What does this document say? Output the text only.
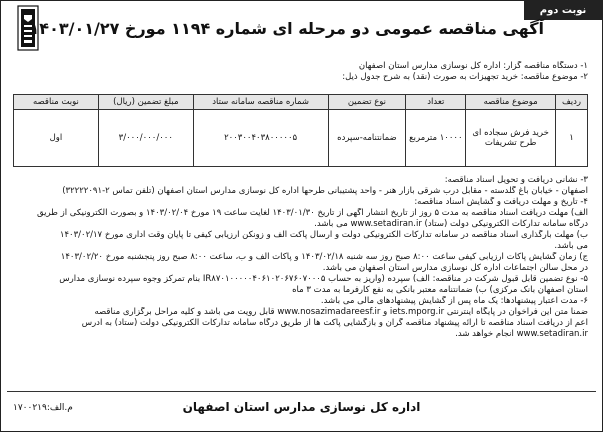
نوبت دوم
آگهی مناقصه عمومی دو مرحله ای شماره ۱۱۹۴ مورخ ۱۴۰۳/۰۱/۲۷
۱- دستگاه مناقصه گزار: اداره کل نوسازی مدارس استان اصفهان
۲- موضوع مناقصه: خرید تجهیزات به صورت (نقد) به شرح جدول ذیل:
ردیف	موضوع مناقصه	تعداد	نوع تضمین	شماره مناقصه سامانه ستاد	مبلغ تضمین (ریال)	نوبت مناقصه
۱	خرید فرش سجاده ای طرح تشریفات	۱۰۰۰۰ مترمربع	ضمانتنامه-سپرده	۲۰۰۳۰۰۴۰۳۸۰۰۰۰۰۵	۳/۰۰۰/۰۰۰/۰۰۰	اول
۳- نشانی دریافت و تحویل اسناد مناقصه:
اصفهان - خیابان باغ گلدسته - مقابل درب شرقی بازار هنر - واحد پشتیبانی طرحها اداره کل نوسازی مدارس استان اصفهان (تلفن تماس ۲-۳۲۲۲۲۰۹۱)
۴- تاریخ و مهلت دریافت و گشایش اسناد مناقصه:
الف) مهلت دریافت اسناد مناقصه به مدت ۵ روز از تاریخ انتشار آگهی از تاریخ ۱۴۰۳/۰۱/۳۰ لغایت ساعت ۱۹ مورخ ۱۴۰۳/۰۲/۰۴ و بصورت الکترونیکی از طریق
درگاه سامانه تدارکات الکترونیکی دولت (ستاد) www.setadiran.ir می باشد.
ب) مهلت بارگذاری اسناد مناقصه در سامانه تدارکات الکترونیکی دولت و ارسال پاکت الف و زونکن ارزیابی کیفی تا پایان وقت اداری مورخ ۱۴۰۳/۰۲/۱۷
می باشد.
ج) زمان گشایش پاکات ارزیابی کیفی ساعت ۸:۰۰ صبح روز سه شنبه ۱۴۰۳/۰۲/۱۸ و پاکات الف و ب، ساعت ۸:۰۰ صبح روز پنجشنبه مورخ ۱۴۰۳/۰۲/۲۰
در محل سالن اجتماعات اداره کل نوسازی مدارس استان اصفهان می باشد.
۵- نوع تضمین قابل قبول شرکت در مناقصه: الف) سپرده (واریز به حساب IR۸۷۰۱۰۰۰۰۰۴۰۶۱۰۲۰۶۷۶۰۷۰۰۰۵ بنام تمرکز وجوه سپرده نوسازی مدارس
استان اصفهان بانک مرکزی) ب) ضمانتنامه معتبر بانکی به نفع کارفرما به مدت ۳ ماه
۶- مدت اعتبار پیشنهادها: یک ماه پس از گشایش پیشنهادهای مالی می باشد.
ضمناً متن این فراخوان در پایگاه اینترنتی iets.mporg.ir و www.nosazimadareesf.ir قابل رویت می باشد و کلیه مراحل برگزاری مناقصه
اعم از دریافت اسناد مناقصه تا ارائه پیشنهاد مناقصه گران و بازگشایی پاکت ها از طریق درگاه سامانه تدارکات الکترونیکی دولت (ستاد) به آدرس
www.setadiran.ir انجام خواهد شد.
اداره کل نوسازی مدارس استان اصفهان
م.الف:۱۷۰۰۲۱۹
